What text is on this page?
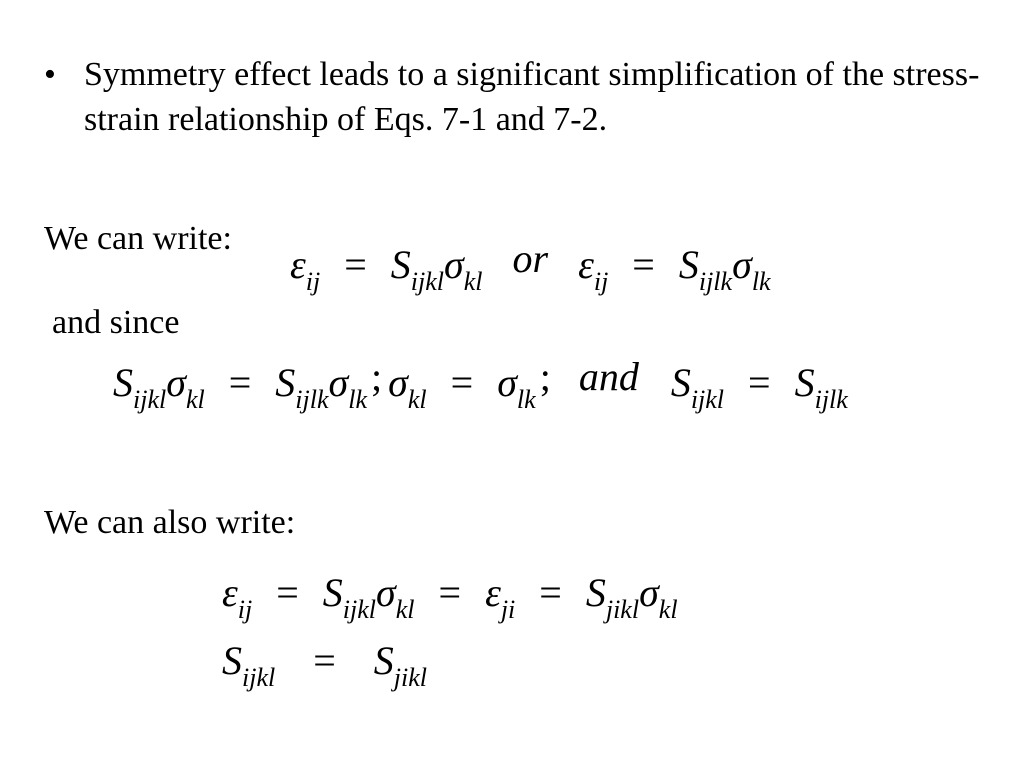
• Symmetry effect leads to a significant simplification of the stress-strain relationship of Eqs. 7-1 and 7-2.
We can write:
$\varepsilon_{ij} = S_{ijkl}\sigma_{kl}$ or $\varepsilon_{ij} = S_{ijlk}\sigma_{lk}$
and since
$S_{ijkl}\sigma_{kl} = S_{ijlk}\sigma_{lk}$; $\sigma_{kl} = \sigma_{lk}$; and $S_{ijkl} = S_{ijlk}$
We can also write:
$\varepsilon_{ij} = S_{ijkl}\sigma_{kl} = \varepsilon_{ji} = S_{jikl}\sigma_{kl}$
$S_{ijkl} = S_{jikl}$
